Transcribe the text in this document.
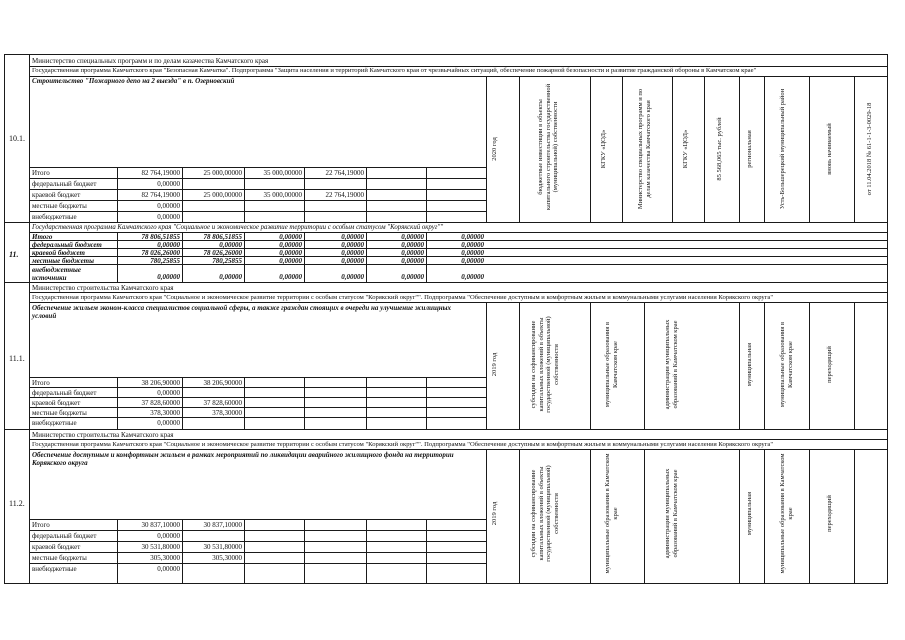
Министерство специальных программ и по делам казачества Камчатского края
Государственная программа Камчатского края "Безопасная Камчатка". Подпрограмма "Защита населения и территорий Камчатского края от чрезвычайных ситуаций, обеспечение пожарной безопасности и развитие гражданской обороны в Камчатском крае"
Строительство "Пожарного депо на 2 выезда" в п. Озерновский
10.1.
Итого	82 764,19000	25 000,00000	35 000,00000	22 764,19000
федеральный бюджет	0,00000
краевой бюджет	82 764,19000	25 000,00000	35 000,00000	22 764,19000
местные бюджеты	0,00000
внебюджетные	0,00000
2020 год	бюджетные инвестиции в объекты капитального строительства государственной (муниципальной) собственности	КГКУ «ЦОД»	Министерство специальных программ и по делам казачества Камчатского края	КГКУ «ЦОД»	85 568,065 тыс. рублей	региональная	Усть-Большерецкий муниципальный район	вновь начинаемый	от 11.04.2018 № 61-1-1-3-0029-18
Государственная программа Камчатского края "Социальное и экономическое развитие территории с особым статусом "Корякский округ""
11.
Итого	78 806,51855	78 806,51855	0,00000	0,00000	0,00000	0,00000
федеральный бюджет	0,00000	0,00000	0,00000	0,00000	0,00000	0,00000
краевой бюджет	78 026,26000	78 026,26000	0,00000	0,00000	0,00000	0,00000
местные бюджеты	780,25855	780,25855	0,00000	0,00000	0,00000	0,00000
внебюджетные источники	0,00000	0,00000	0,00000	0,00000	0,00000	0,00000
Министерство строительства Камчатского края
Государственная программа Камчатского края "Социальное и экономическое развитие территории с особым статусом "Корякский округ"". Подпрограмма "Обеспечение доступным и комфортным жильем и коммунальными услугами населения Корякского округа"
Обеспечение жильем эконом-класса специалистов социальной сферы, а также граждан стоящих в очереди на улучшение жилищных условий
11.1.
Итого	38 206,90000	38 206,90000
федеральный бюджет	0,00000
краевой бюджет	37 828,60000	37 828,60000
местные бюджеты	378,30000	378,30000
внебюджетные	0,00000
2019 год	субсидии на софинансирование капитальных вложений в объекты государственной (муниципальной) собственности	муниципальные образования в Камчатском крае	администрации муниципальных образований в Камчатском крае	муниципальная	муниципальные образования в Камчатском крае	переходящий
Министерство строительства Камчатского края
Государственная программа Камчатского края "Социальное и экономическое развитие территории с особым статусом "Корякский округ"". Подпрограмма "Обеспечение доступным и комфортным жильем и коммунальными услугами населения Корякского округа"
Обеспечение доступным и комфортным жильем в рамках мероприятий по ликвидации аварийного жилищного фонда на территории Корякского округа
11.2.
Итого	30 837,10000	30 837,10000
федеральный бюджет	0,00000
краевой бюджет	30 531,80000	30 531,80000
местные бюджеты	305,30000	305,30000
внебюджетные	0,00000
2019 год	субсидии на софинансирование капитальных вложений в объекты государственной (муниципальной) собственности	муниципальные образования в Камчатском крае	администрации муниципальных образований в Камчатском крае	муниципальная	муниципальные образования в Камчатском крае	переходящий
